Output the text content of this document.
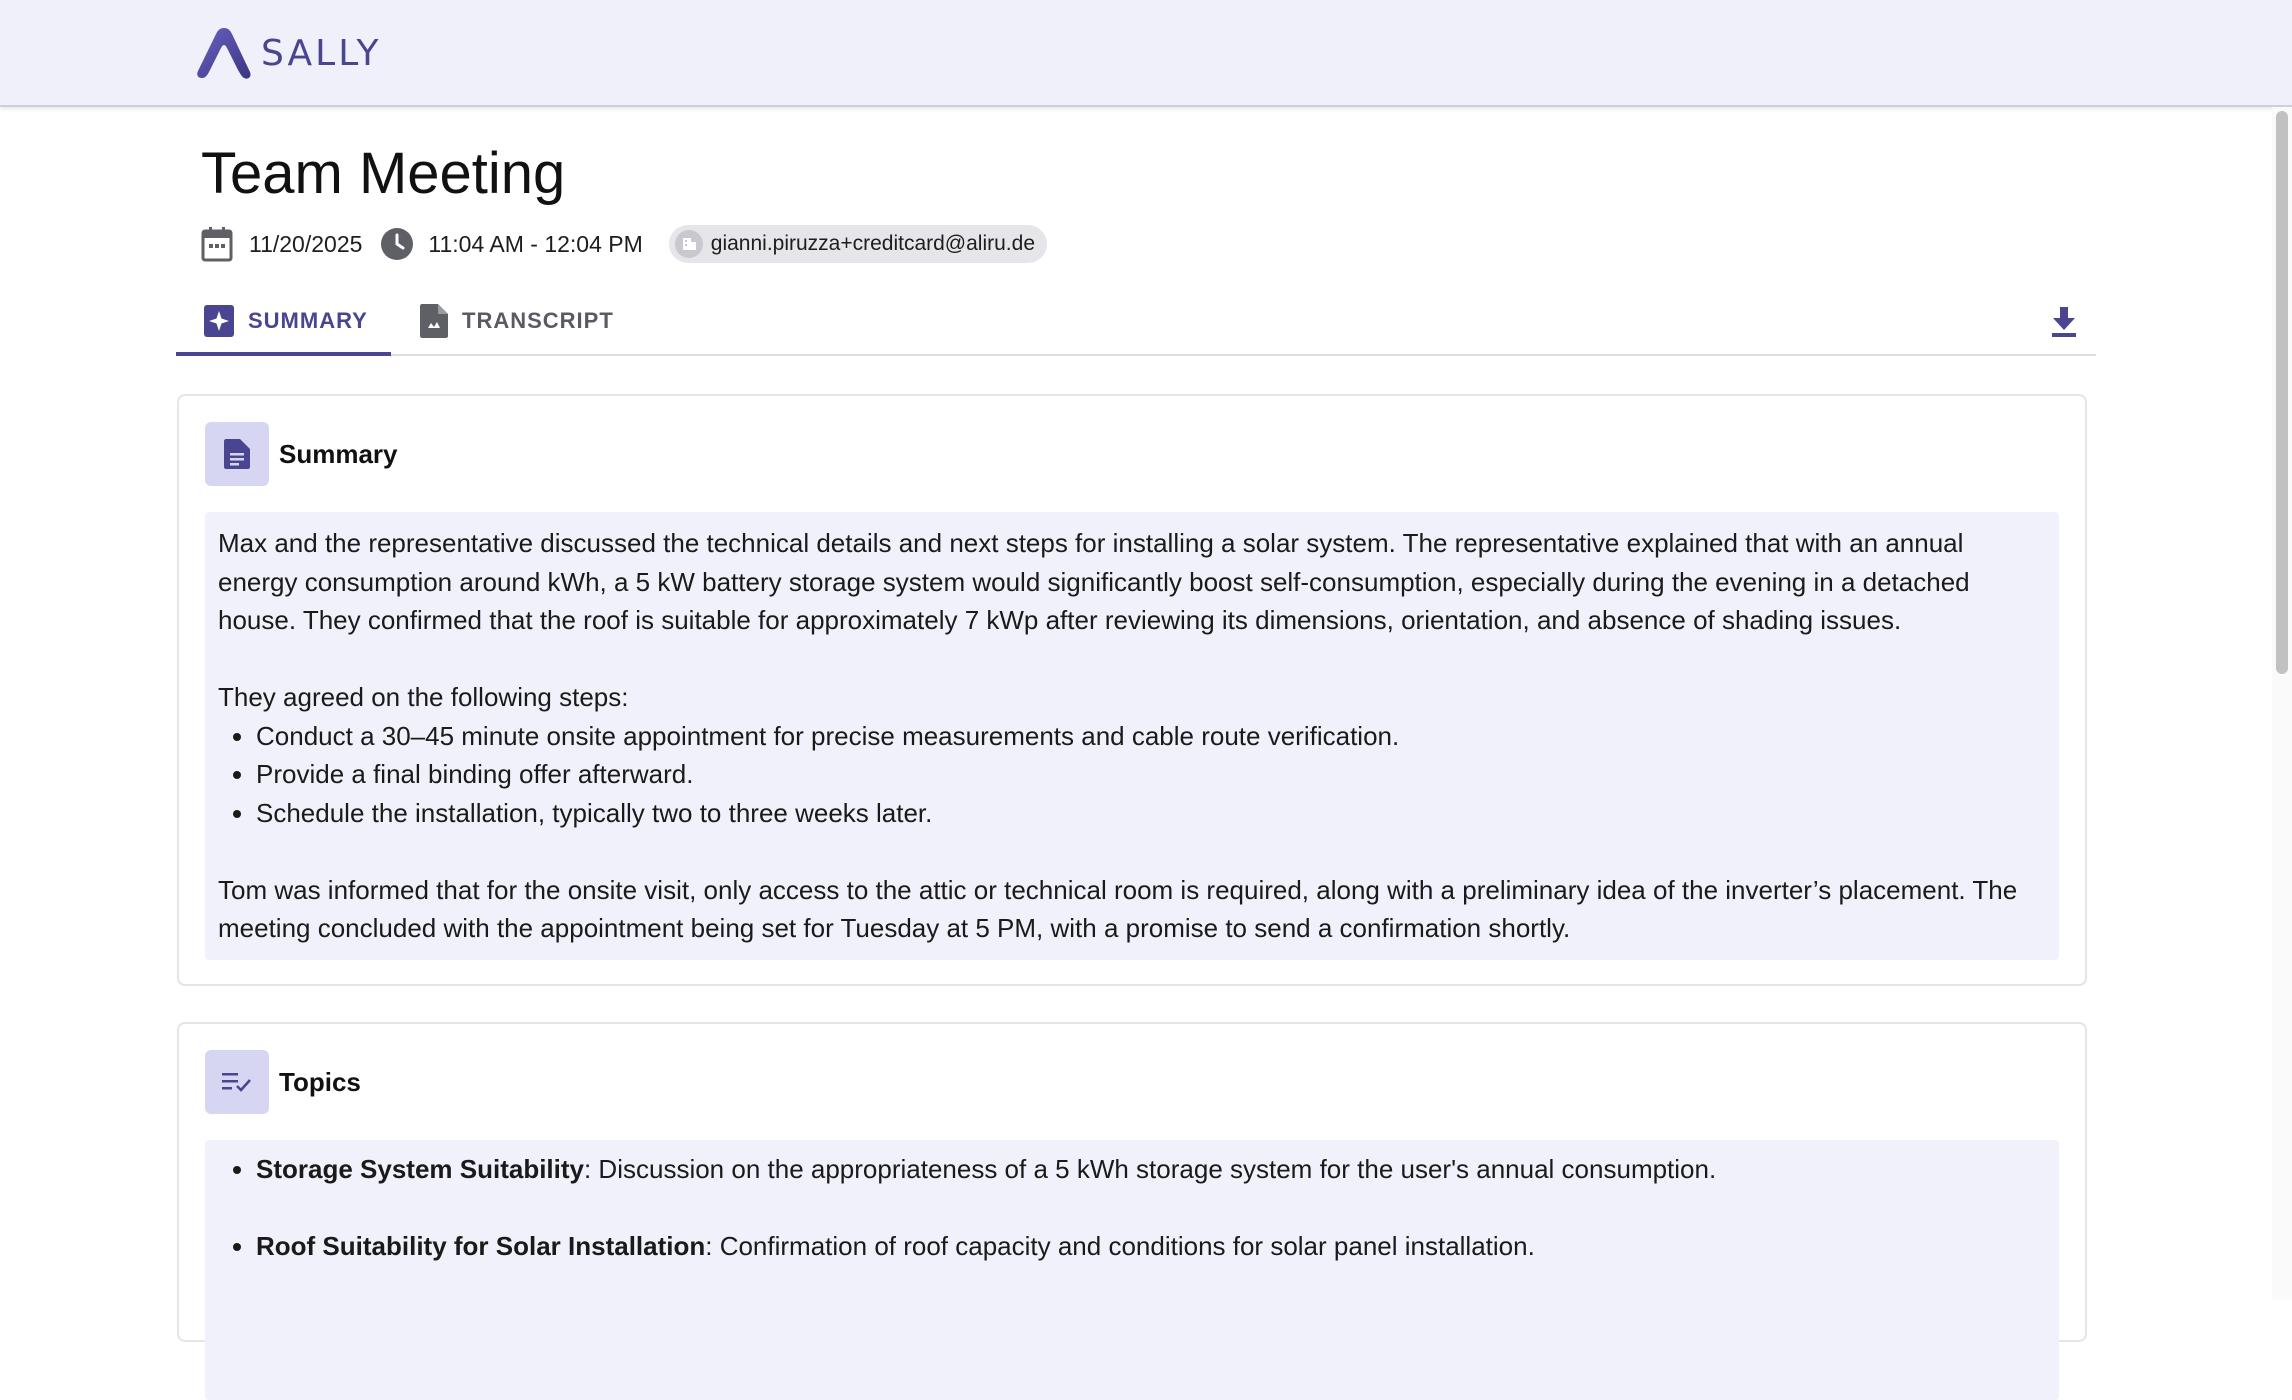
SALLY
Team Meeting
11/20/2025	11:04 AM - 12:04 PM	gianni.piruzza+creditcard@aliru.de
SUMMARY	TRANSCRIPT
Summary

Max and the representative discussed the technical details and next steps for installing a solar system. The representative explained that with an annual energy consumption around kWh, a 5 kW battery storage system would significantly boost self-consumption, especially during the evening in a detached house. They confirmed that the roof is suitable for approximately 7 kWp after reviewing its dimensions, orientation, and absence of shading issues.

They agreed on the following steps:

• Conduct a 30–45 minute onsite appointment for precise measurements and cable route verification.
• Provide a final binding offer afterward.
• Schedule the installation, typically two to three weeks later.

Tom was informed that for the onsite visit, only access to the attic or technical room is required, along with a preliminary idea of the inverter’s placement. The meeting concluded with the appointment being set for Tuesday at 5 PM, with a promise to send a confirmation shortly.

Topics
• Storage System Suitability: Discussion on the appropriateness of a 5 kWh storage system for the user's annual consumption.
• Roof Suitability for Solar Installation: Confirmation of roof capacity and conditions for solar panel installation.
